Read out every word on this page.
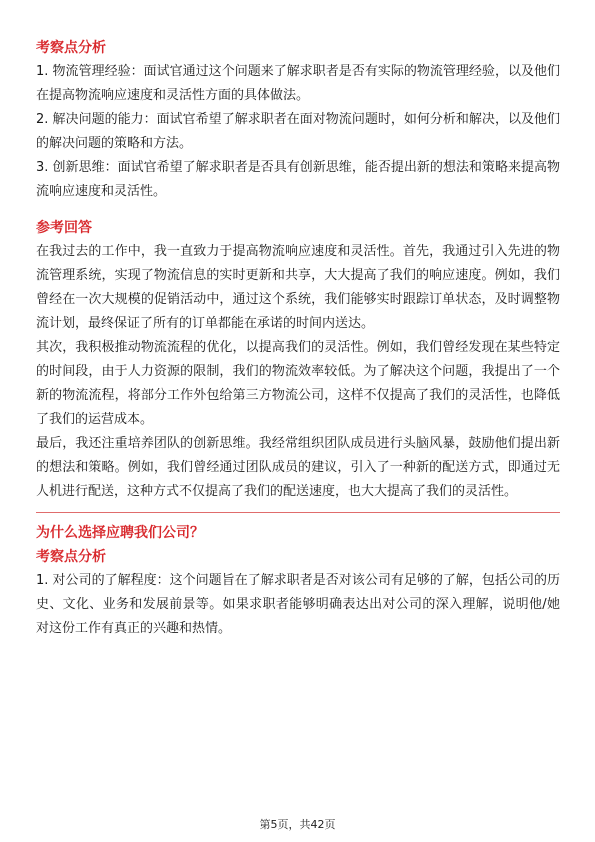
考察点分析

1. 物流管理经验：面试官通过这个问题来了解求职者是否有实际的物流管理经验，以及他们在提高物流响应速度和灵活性方面的具体做法。

2. 解决问题的能力：面试官希望了解求职者在面对物流问题时，如何分析和解决，以及他们的解决问题的策略和方法。

3. 创新思维：面试官希望了解求职者是否具有创新思维，能否提出新的想法和策略来提高物流响应速度和灵活性。

参考回答

在我过去的工作中，我一直致力于提高物流响应速度和灵活性。首先，我通过引入先进的物流管理系统，实现了物流信息的实时更新和共享，大大提高了我们的响应速度。例如，我们曾经在一次大规模的促销活动中，通过这个系统，我们能够实时跟踪订单状态，及时调整物流计划，最终保证了所有的订单都能在承诺的时间内送达。

其次，我积极推动物流流程的优化，以提高我们的灵活性。例如，我们曾经发现在某些特定的时间段，由于人力资源的限制，我们的物流效率较低。为了解决这个问题，我提出了一个新的物流流程，将部分工作外包给第三方物流公司，这样不仅提高了我们的灵活性，也降低了我们的运营成本。

最后，我还注重培养团队的创新思维。我经常组织团队成员进行头脑风暴，鼓励他们提出新的想法和策略。例如，我们曾经通过团队成员的建议，引入了一种新的配送方式，即通过无人机进行配送，这种方式不仅提高了我们的配送速度，也大大提高了我们的灵活性。

为什么选择应聘我们公司？
考察点分析

1. 对公司的了解程度：这个问题旨在了解求职者是否对该公司有足够的了解，包括公司的历史、文化、业务和发展前景等。如果求职者能够明确表达出对公司的深入理解，说明他/她对这份工作有真正的兴趣和热情。

第5页，共42页
